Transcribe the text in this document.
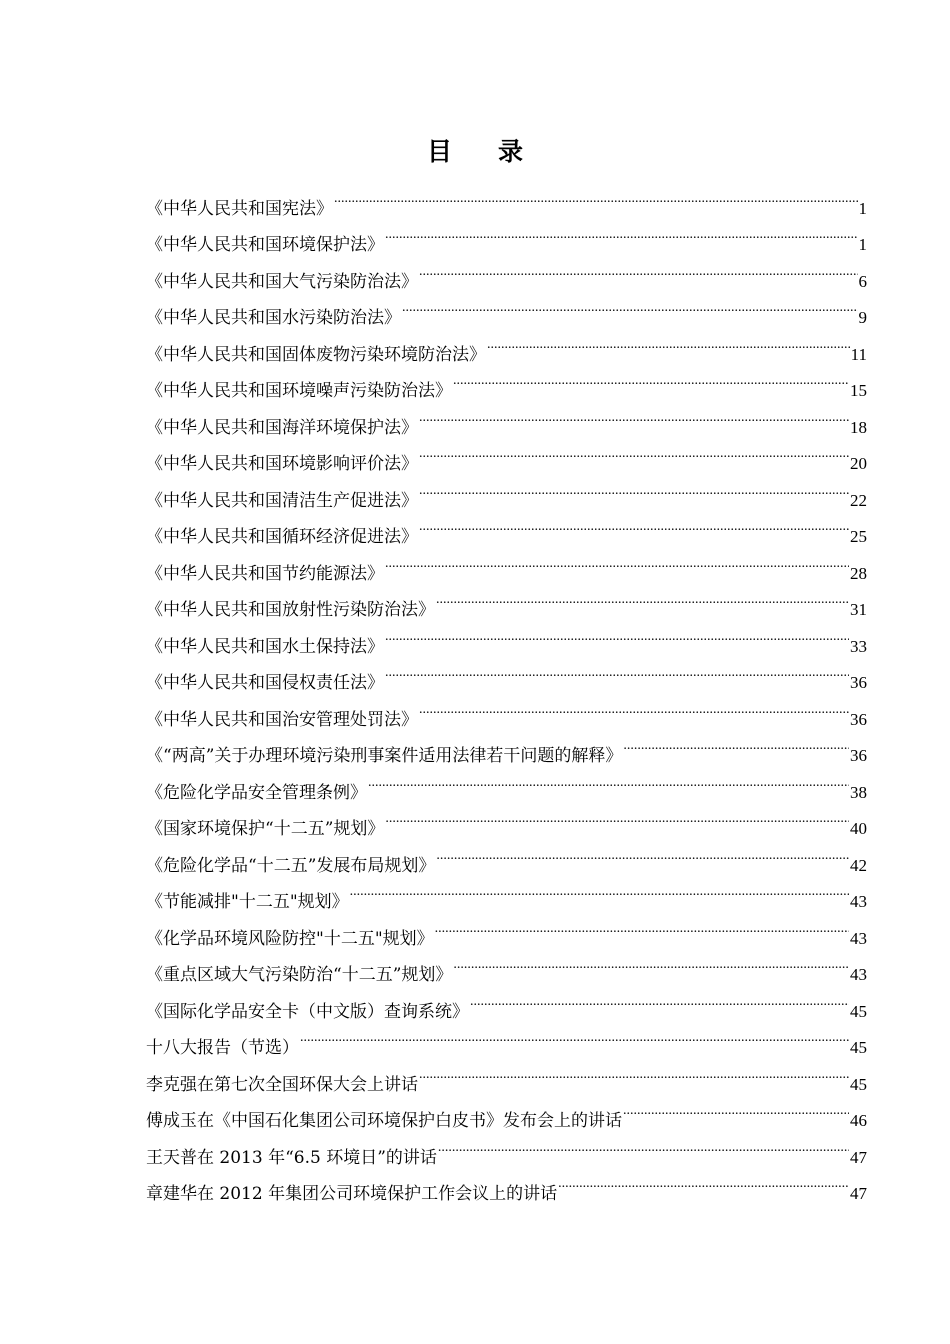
目录
《中华人民共和国宪法》 .....	1
《中华人民共和国环境保护法》 .....	1
《中华人民共和国大气污染防治法》 .....	6
《中华人民共和国水污染防治法》 .....	9
《中华人民共和国固体废物污染环境防治法》 .....	11
《中华人民共和国环境噪声污染防治法》 .....	15
《中华人民共和国海洋环境保护法》 .....	18
《中华人民共和国环境影响评价法》 .....	20
《中华人民共和国清洁生产促进法》 .....	22
《中华人民共和国循环经济促进法》 .....	25
《中华人民共和国节约能源法》 .....	28
《中华人民共和国放射性污染防治法》 .....	31
《中华人民共和国水土保持法》 .....	33
《中华人民共和国侵权责任法》 .....	36
《中华人民共和国治安管理处罚法》 .....	36
《“两高”关于办理环境污染刑事案件适用法律若干问题的解释》 .....	36
《危险化学品安全管理条例》 .....	38
《国家环境保护“十二五”规划》 .....	40
《危险化学品“十二五”发展布局规划》 .....	42
《节能减排"十二五"规划》 .....	43
《化学品环境风险防控"十二五"规划》 .....	43
《重点区域大气污染防治“十二五”规划》 .....	43
《国际化学品安全卡（中文版）查询系统》 .....	45
十八大报告（节选） .....	45
李克强在第七次全国环保大会上讲话 .....	45
傅成玉在《中国石化集团公司环境保护白皮书》发布会上的讲话 .....	46
王天普在 2013 年“6.5 环境日”的讲话 .....	47
章建华在 2012 年集团公司环境保护工作会议上的讲话 .....	47
